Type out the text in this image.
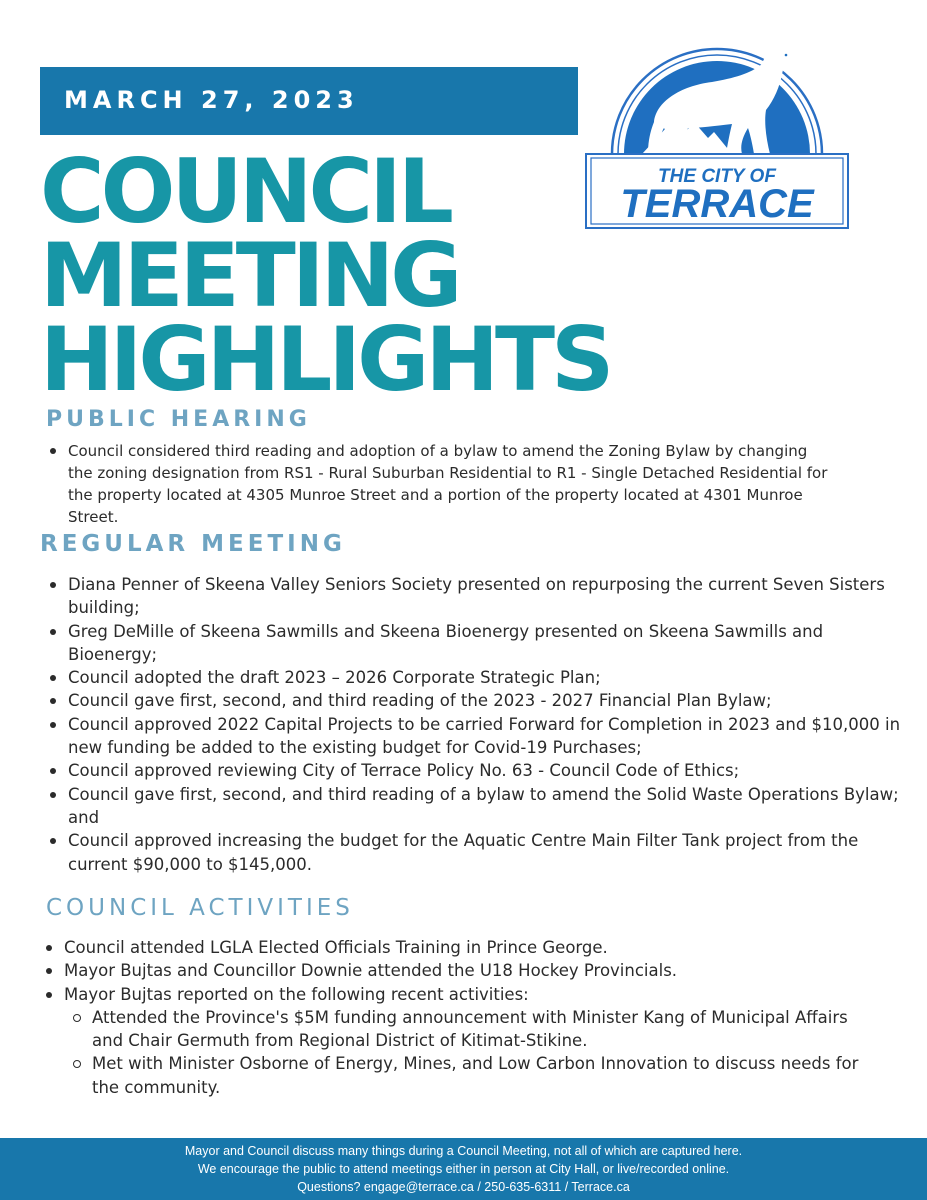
MARCH 27, 2023
COUNCIL
MEETING
HIGHLIGHTS
THE CITY OF
TERRACE
PUBLIC HEARING
Council considered third reading and adoption of a bylaw to amend the Zoning Bylaw by changing the zoning designation from RS1 - Rural Suburban Residential to R1 - Single Detached Residential for the property located at 4305 Munroe Street and a portion of the property located at 4301 Munroe Street.
REGULAR MEETING
Diana Penner of Skeena Valley Seniors Society presented on repurposing the current Seven Sisters building;
Greg DeMille of Skeena Sawmills and Skeena Bioenergy presented on Skeena Sawmills and Bioenergy;
Council adopted the draft 2023 – 2026 Corporate Strategic Plan;
Council gave first, second, and third reading of the 2023 - 2027 Financial Plan Bylaw;
Council approved 2022 Capital Projects to be carried Forward for Completion in 2023 and $10,000 in new funding be added to the existing budget for Covid-19 Purchases;
Council approved reviewing City of Terrace Policy No. 63 - Council Code of Ethics;
Council gave first, second, and third reading of a bylaw to amend the Solid Waste Operations Bylaw; and
Council approved increasing the budget for the Aquatic Centre Main Filter Tank project from the current $90,000 to $145,000.
COUNCIL ACTIVITIES
Council attended LGLA Elected Officials Training in Prince George.
Mayor Bujtas and Councillor Downie attended the U18 Hockey Provincials.
Mayor Bujtas reported on the following recent activities:
Attended the Province's $5M funding announcement with Minister Kang of Municipal Affairs and Chair Germuth from Regional District of Kitimat-Stikine.
Met with Minister Osborne of Energy, Mines, and Low Carbon Innovation to discuss needs for the community.
Mayor and Council discuss many things during a Council Meeting, not all of which are captured here.
We encourage the public to attend meetings either in person at City Hall, or live/recorded online.
Questions? engage@terrace.ca / 250-635-6311 / Terrace.ca
